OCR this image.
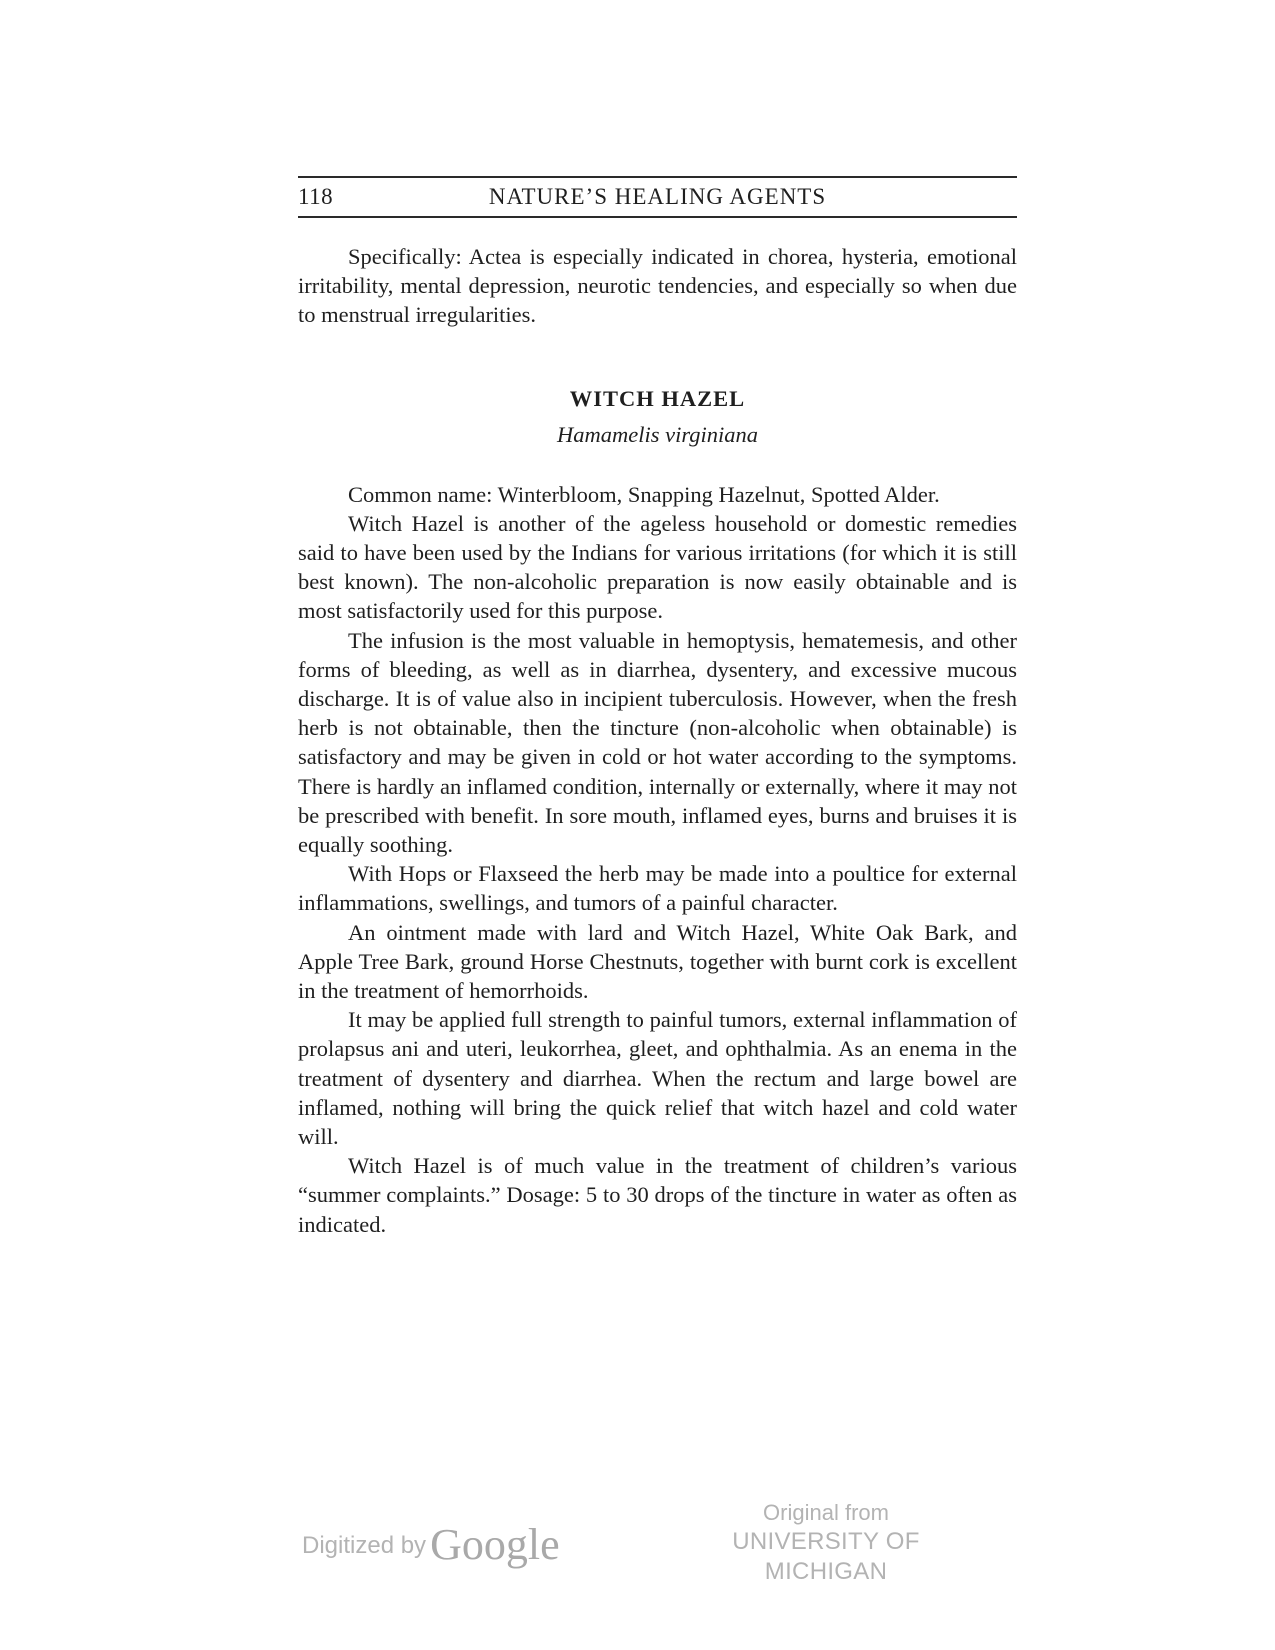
118	NATURE’S HEALING AGENTS

Specifically: Actea is especially indicated in chorea, hysteria, emotional irritability, mental depression, neurotic tendencies, and especially so when due to menstrual irregularities.

WITCH HAZEL

Hamamelis virginiana

Common name: Winterbloom, Snapping Hazelnut, Spotted Alder.

Witch Hazel is another of the ageless household or domestic remedies said to have been used by the Indians for various irritations (for which it is still best known). The non-alcoholic preparation is now easily obtainable and is most satisfactorily used for this purpose.

The infusion is the most valuable in hemoptysis, hematemesis, and other forms of bleeding, as well as in diarrhea, dysentery, and excessive mucous discharge. It is of value also in incipient tuberculosis. However, when the fresh herb is not obtainable, then the tincture (non-alcoholic when obtainable) is satisfactory and may be given in cold or hot water according to the symptoms. There is hardly an inflamed condition, internally or externally, where it may not be prescribed with benefit. In sore mouth, inflamed eyes, burns and bruises it is equally soothing.

With Hops or Flaxseed the herb may be made into a poultice for external inflammations, swellings, and tumors of a painful character.

An ointment made with lard and Witch Hazel, White Oak Bark, and Apple Tree Bark, ground Horse Chestnuts, together with burnt cork is excellent in the treatment of hemorrhoids.

It may be applied full strength to painful tumors, external inflammation of prolapsus ani and uteri, leukorrhea, gleet, and ophthalmia. As an enema in the treatment of dysentery and diarrhea. When the rectum and large bowel are inflamed, nothing will bring the quick relief that witch hazel and cold water will.

Witch Hazel is of much value in the treatment of children’s various “summer complaints.” Dosage: 5 to 30 drops of the tincture in water as often as indicated.

Digitized byGoogle
Original from
UNIVERSITY OF MICHIGAN
